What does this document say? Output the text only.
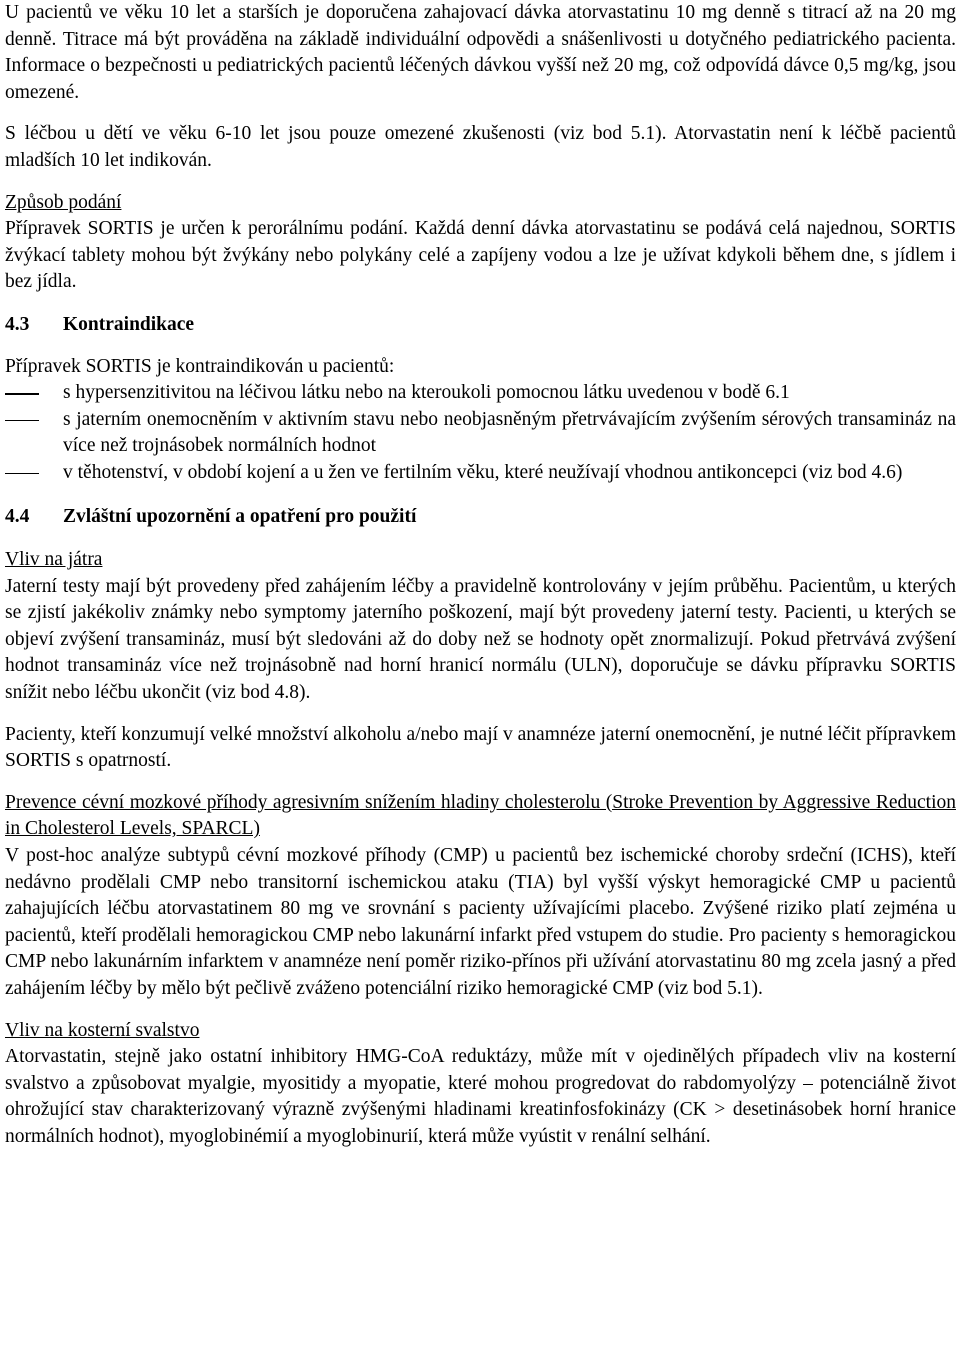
U pacientů ve věku 10 let a starších je doporučena zahajovací dávka atorvastatinu 10 mg denně s titrací až na 20 mg denně. Titrace má být prováděna na základě individuální odpovědi a snášenlivosti u dotyčného pediatrického pacienta. Informace o bezpečnosti u pediatrických pacientů léčených dávkou vyšší než 20 mg, což odpovídá dávce 0,5 mg/kg, jsou omezené.

S léčbou u dětí ve věku 6-10 let jsou pouze omezené zkušenosti (viz bod 5.1). Atorvastatin není k léčbě pacientů mladších 10 let indikován.

Způsob podání

Přípravek SORTIS je určen k perorálnímu podání. Každá denní dávka atorvastatinu se podává celá najednou, SORTIS žvýkací tablety mohou být žvýkány nebo polykány celé a zapíjeny vodou a lze je užívat kdykoli během dne, s jídlem i bez jídla.

4.3 Kontraindikace

Přípravek SORTIS je kontraindikován u pacientů:

s hypersenzitivitou na léčivou látku nebo na kteroukoli pomocnou látku uvedenou v bodě 6.1
s jaterním onemocněním v aktivním stavu nebo neobjasněným přetrvávajícím zvýšením sérových transamináz na více než trojnásobek normálních hodnot
v těhotenství, v období kojení a u žen ve fertilním věku, které neužívají vhodnou antikoncepci (viz bod 4.6)
4.4 Zvláštní upozornění a opatření pro použití

Vliv na játra

Jaterní testy mají být provedeny před zahájením léčby a pravidelně kontrolovány v jejím průběhu. Pacientům, u kterých se zjistí jakékoliv známky nebo symptomy jaterního poškození, mají být provedeny jaterní testy. Pacienti, u kterých se objeví zvýšení transamináz, musí být sledováni až do doby než se hodnoty opět znormalizují. Pokud přetrvává zvýšení hodnot transamináz více než trojnásobně nad horní hranicí normálu (ULN), doporučuje se dávku přípravku SORTIS snížit nebo léčbu ukončit (viz bod 4.8).

Pacienty, kteří konzumují velké množství alkoholu a/nebo mají v anamnéze jaterní onemocnění, je nutné léčit přípravkem SORTIS s opatrností.

Prevence cévní mozkové příhody agresivním snížením hladiny cholesterolu (Stroke Prevention by Aggressive Reduction in Cholesterol Levels, SPARCL)

V post-hoc analýze subtypů cévní mozkové příhody (CMP) u pacientů bez ischemické choroby srdeční (ICHS), kteří nedávno prodělali CMP nebo transitorní ischemickou ataku (TIA) byl vyšší výskyt hemoragické CMP u pacientů zahajujících léčbu atorvastatinem 80 mg ve srovnání s pacienty užívajícími placebo. Zvýšené riziko platí zejména u pacientů, kteří prodělali hemoragickou CMP nebo lakunární infarkt před vstupem do studie. Pro pacienty s hemoragickou CMP nebo lakunárním infarktem v anamnéze není poměr riziko-přínos při užívání atorvastatinu 80 mg zcela jasný a před zahájením léčby by mělo být pečlivě zváženo potenciální riziko hemoragické CMP (viz bod 5.1).

Vliv na kosterní svalstvo

Atorvastatin, stejně jako ostatní inhibitory HMG-CoA reduktázy, může mít v ojedinělých případech vliv na kosterní svalstvo a způsobovat myalgie, myositidy a myopatie, které mohou progredovat do rabdomyolýzy – potenciálně život ohrožující stav charakterizovaný výrazně zvýšenými hladinami kreatinfosfokinázy (CK > desetinásobek horní hranice normálních hodnot), myoglobinémií a myoglobinurií, která může vyústit v renální selhání.
